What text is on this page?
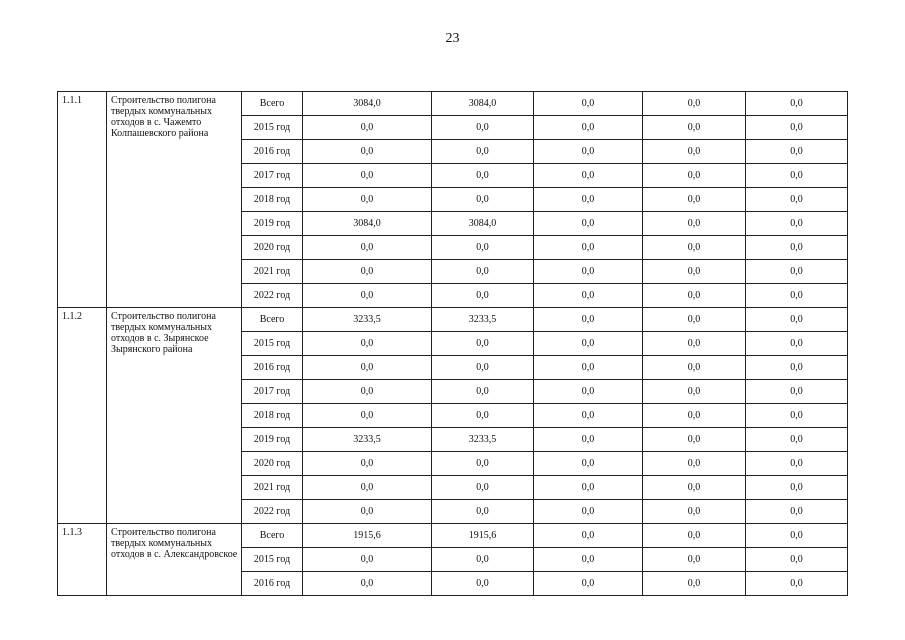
23
1.1.1	Строительство полигона твердых коммунальных отходов в с. Чажемто Колпашевского района	Всего	3084,0	3084,0	0,0	0,0	0,0
		2015 год	0,0	0,0	0,0	0,0	0,0
		2016 год	0,0	0,0	0,0	0,0	0,0
		2017 год	0,0	0,0	0,0	0,0	0,0
		2018 год	0,0	0,0	0,0	0,0	0,0
		2019 год	3084,0	3084,0	0,0	0,0	0,0
		2020 год	0,0	0,0	0,0	0,0	0,0
		2021 год	0,0	0,0	0,0	0,0	0,0
		2022 год	0,0	0,0	0,0	0,0	0,0
1.1.2	Строительство полигона твердых коммунальных отходов в с. Зырянское Зырянского района	Всего	3233,5	3233,5	0,0	0,0	0,0
		2015 год	0,0	0,0	0,0	0,0	0,0
		2016 год	0,0	0,0	0,0	0,0	0,0
		2017 год	0,0	0,0	0,0	0,0	0,0
		2018 год	0,0	0,0	0,0	0,0	0,0
		2019 год	3233,5	3233,5	0,0	0,0	0,0
		2020 год	0,0	0,0	0,0	0,0	0,0
		2021 год	0,0	0,0	0,0	0,0	0,0
		2022 год	0,0	0,0	0,0	0,0	0,0
1.1.3	Строительство полигона твердых коммунальных отходов в с. Александровское	Всего	1915,6	1915,6	0,0	0,0	0,0
		2015 год	0,0	0,0	0,0	0,0	0,0
		2016 год	0,0	0,0	0,0	0,0	0,0
